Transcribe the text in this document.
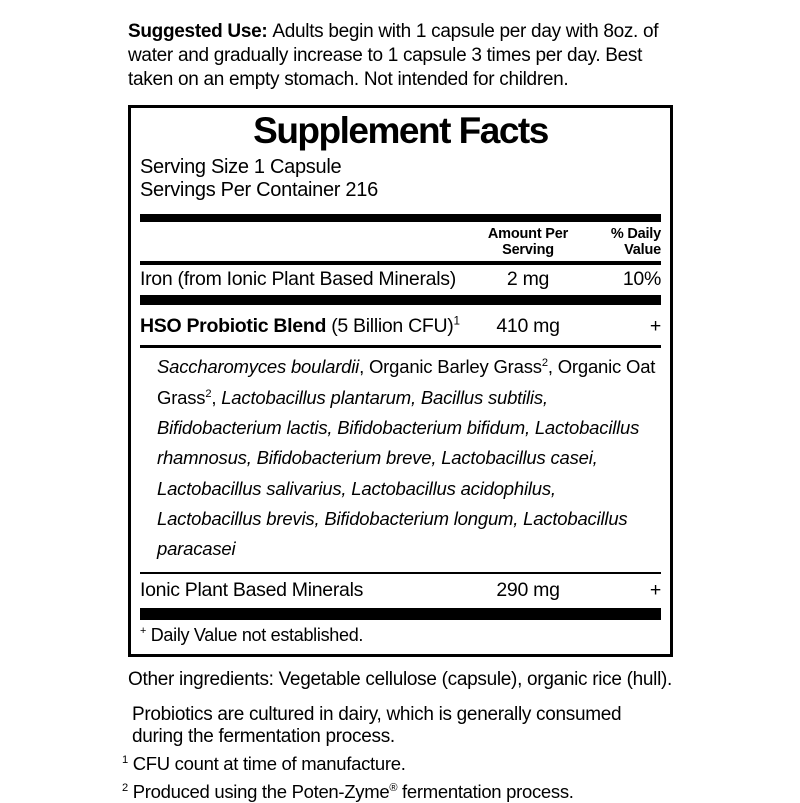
Suggested Use: Adults begin with 1 capsule per day with 8oz. of water and gradually increase to 1 capsule 3 times per day. Best taken on an empty stomach. Not intended for children.

Supplement Facts
Serving Size 1 Capsule
Servings Per Container 216
Amount Per Serving
% Daily Value
Iron (from Ionic Plant Based Minerals)	2 mg	10%
HSO Probiotic Blend (5 Billion CFU)$^1$	410 mg	+
Saccharomyces boulardii, Organic Barley Grass$^2$, Organic Oat Grass$^2$, Lactobacillus plantarum, Bacillus subtilis, Bifidobacterium lactis, Bifidobacterium bifidum, Lactobacillus rhamnosus, Bifidobacterium breve, Lactobacillus casei, Lactobacillus salivarius, Lactobacillus acidophilus, Lactobacillus brevis, Bifidobacterium longum, Lactobacillus paracasei
Ionic Plant Based Minerals	290 mg	+
+ Daily Value not established.

Other ingredients: Vegetable cellulose (capsule), organic rice (hull).

Probiotics are cultured in dairy, which is generally consumed during the fermentation process.

$^1$ CFU count at time of manufacture.

$^2$ Produced using the Poten-Zyme® fermentation process.
